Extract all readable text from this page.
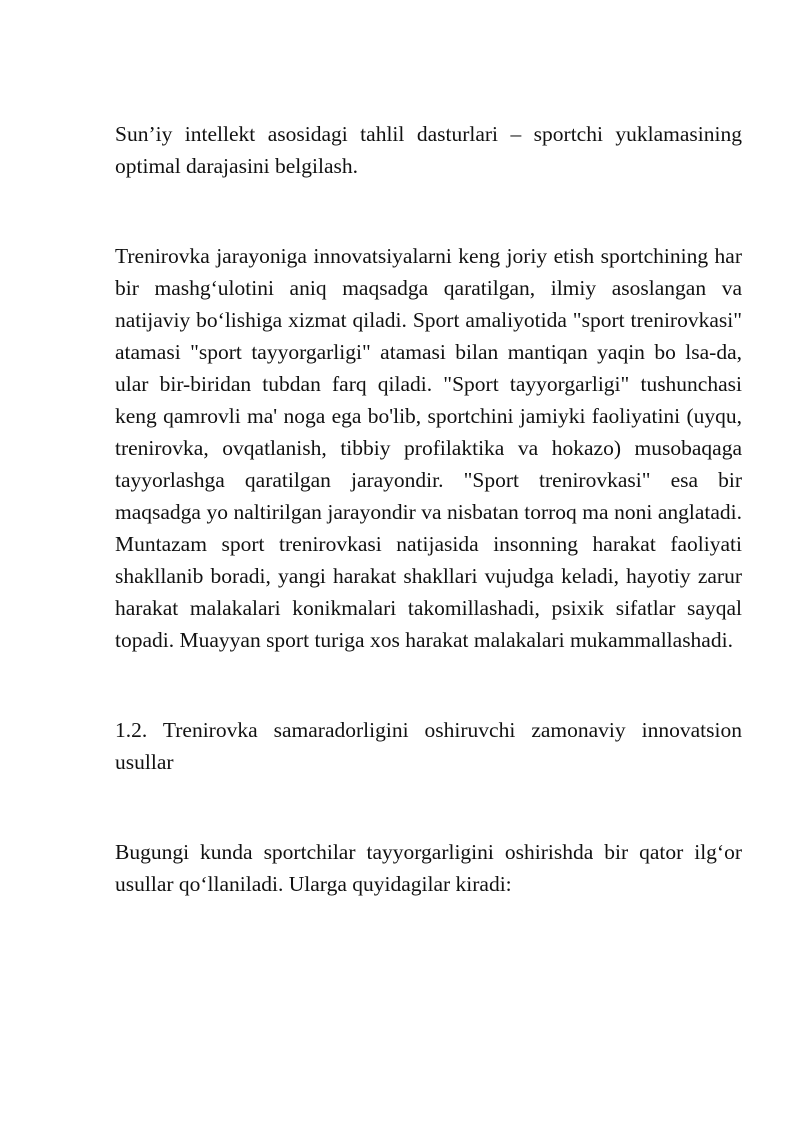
Sun’iy intellekt asosidagi tahlil dasturlari – sportchi yuklamasining optimal darajasini belgilash.

Trenirovka jarayoniga innovatsiyalarni keng joriy etish sportchining har bir mashg‘ulotini aniq maqsadga qaratilgan, ilmiy asoslangan va natijaviy bo‘lishiga xizmat qiladi. Sport amaliyotida "sport trenirovkasi" atamasi "sport tayyorgarligi" atamasi bilan mantiqan yaqin bo lsa-da, ular bir-biridan tubdan farq qiladi. "Sport tayyorgarligi" tushunchasi keng qamrovli ma' noga ega bo'lib, sportchini jamiyki faoliyatini (uyqu, trenirovka, ovqatlanish, tibbiy profilaktika va hokazo) musobaqaga tayyorlashga qaratilgan jarayondir. "Sport trenirovkasi" esa bir maqsadga yo naltirilgan jarayondir va nisbatan torroq ma noni anglatadi. Muntazam sport trenirovkasi natijasida insonning harakat faoliyati shakllanib boradi, yangi harakat shakllari vujudga keladi, hayotiy zarur harakat malakalari konikmalari takomillashadi, psixik sifatlar sayqal topadi. Muayyan sport turiga xos harakat malakalari mukammallashadi.

1.2. Trenirovka samaradorligini oshiruvchi zamonaviy innovatsion usullar

Bugungi kunda sportchilar tayyorgarligini oshirishda bir qator ilg‘or usullar qo‘llaniladi. Ularga quyidagilar kiradi:
